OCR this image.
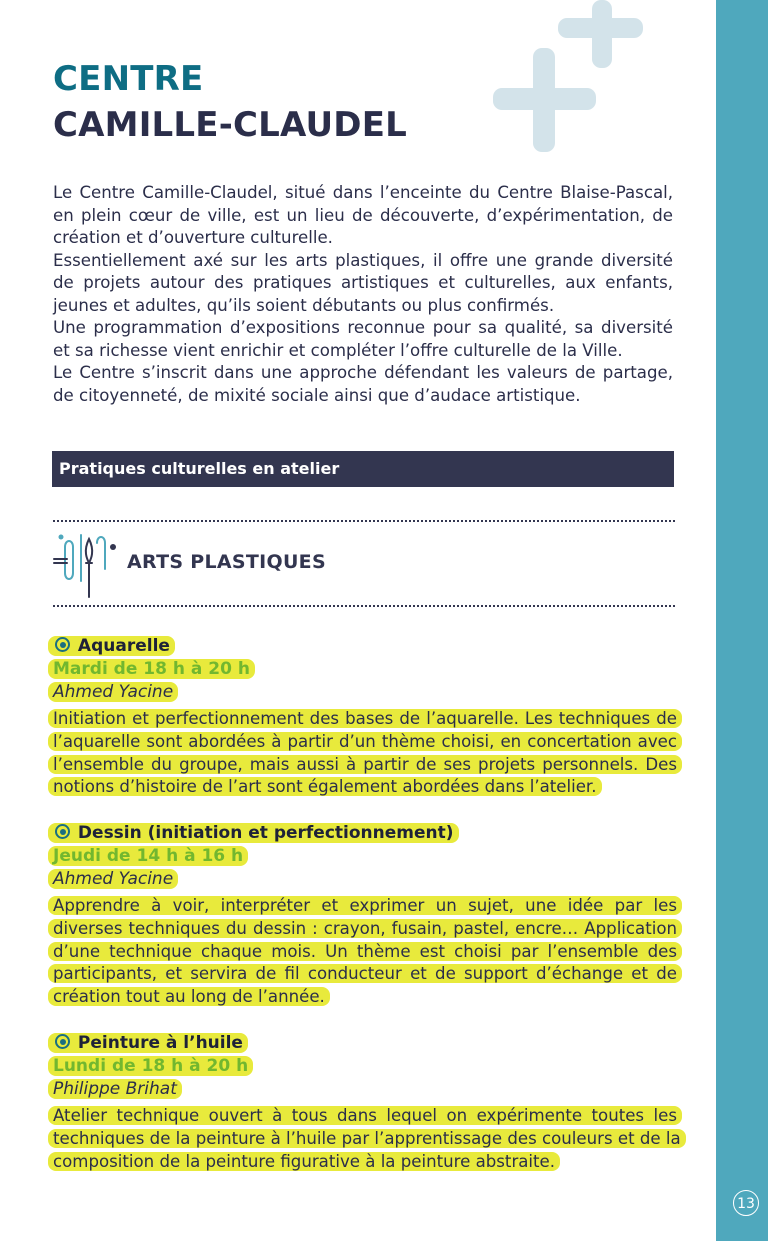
13
CENTRE
CAMILLE-CLAUDEL

Le Centre Camille-Claudel, situé dans l’enceinte du Centre Blaise-Pascal, en plein cœur de ville, est un lieu de découverte, d’expérimentation, de création et d’ouverture culturelle.

Essentiellement axé sur les arts plastiques, il offre une grande diversité de projets autour des pratiques artistiques et culturelles, aux enfants, jeunes et adultes, qu’ils soient débutants ou plus confirmés.

Une programmation d’expositions reconnue pour sa qualité, sa diversité et sa richesse vient enrichir et compléter l’offre culturelle de la Ville.

Le Centre s’inscrit dans une approche défendant les valeurs de partage, de citoyenneté, de mixité sociale ainsi que d’audace artistique.

Pratiques culturelles en atelier
ARTS PLASTIQUES
Aquarelle
Mardi de 18 h à 20 h
Ahmed Yacine
Initiation et perfectionnement des bases de l’aquarelle. Les techniques de l’aquarelle sont abordées à partir d’un thème choisi, en concertation avec l’ensemble du groupe, mais aussi à partir de ses projets personnels. Des notions d’histoire de l’art sont également abordées dans l’atelier.
Dessin (initiation et perfectionnement)
Jeudi de 14 h à 16 h
Ahmed Yacine
Apprendre à voir, interpréter et exprimer un sujet, une idée par les diverses techniques du dessin : crayon, fusain, pastel, encre… Application d’une technique chaque mois. Un thème est choisi par l’ensemble des participants, et servira de fil conducteur et de support d’échange et de création tout au long de l’année.
Peinture à l’huile
Lundi de 18 h à 20 h
Philippe Brihat
Atelier technique ouvert à tous dans lequel on expérimente toutes les techniques de la peinture à l’huile par l’apprentissage des couleurs et de la composition de la peinture figurative à la peinture abstraite.
